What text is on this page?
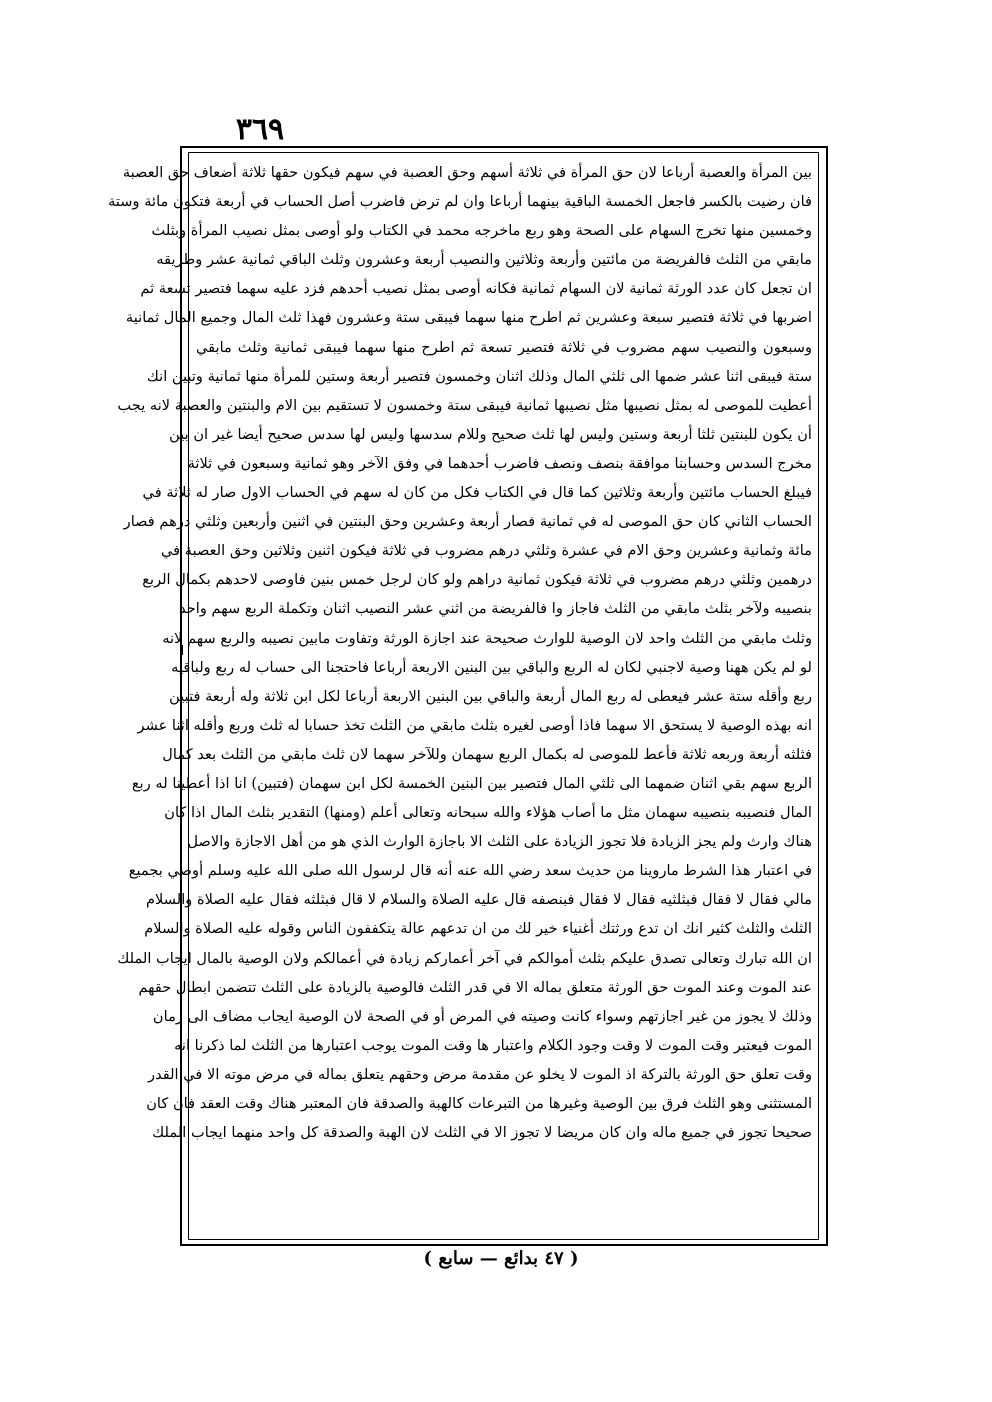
٣٦٩
بين المرأة والعصبة أرباعا لان حق المرأة في ثلاثة أسهم وحق العصبة في سهم فيكون حقها ثلاثة أضعاف حق العصبة
فان رضيت بالكسر فاجعل الخمسة الباقية بينهما أرباعا وان لم ترض فاضرب أصل الحساب في أربعة فتكون مائة وستة
وخمسين منها تخرج السهام على الصحة وهو ربع ماخرجه محمد في الكتاب ولو أوصى بمثل نصيب المرأة وبثلث
مابقي من الثلث فالفريضة من مائتين وأربعة وثلاثين والنصيب أربعة وعشرون وثلث الباقي ثمانية عشر وطريقه
ان تجعل كان عدد الورثة ثمانية لان السهام ثمانية فكانه أوصى بمثل نصيب أحدهم فزد عليه سهما فتصير تسعة ثم
اضربها في ثلاثة فتصير سبعة وعشرين ثم اطرح منها سهما فيبقى ستة وعشرون فهذا ثلث المال وجميع المال ثمانية
وسبعون والنصيب سهم مضروب في ثلاثة فتصير تسعة ثم اطرح منها سهما فيبقى ثمانية وثلث مابقي
ستة فيبقى اثنا عشر ضمها الى ثلثي المال وذلك اثنان وخمسون فتصير أربعة وستين للمرأة منها ثمانية وتبين انك
أعطيت للموصى له بمثل نصيبها مثل نصيبها ثمانية فيبقى ستة وخمسون لا تستقيم بين الام والبنتين والعصبة لانه يجب
أن يكون للبنتين ثلثا أربعة وستين وليس لها ثلث صحيح وللام سدسها وليس لها سدس صحيح أيضا غير ان بين
مخرج السدس وحسابنا موافقة بنصف ونصف فاضرب أحدهما في وفق الآخر وهو ثمانية وسبعون في ثلاثة
فيبلغ الحساب مائتين وأربعة وثلاثين كما قال في الكتاب فكل من كان له سهم في الحساب الاول صار له ثلاثة في
الحساب الثاني كان حق الموصى له في ثمانية فصار أربعة وعشرين وحق البنتين في اثنين وأربعين وثلثي درهم فصار
مائة وثمانية وعشرين وحق الام في عشرة وثلثي درهم مضروب في ثلاثة فيكون اثنين وثلاثين وحق العصبة في
درهمين وثلثي درهم مضروب في ثلاثة فيكون ثمانية دراهم ولو كان لرجل خمس بنين فاوصى لاحدهم بكمال الربع
بنصيبه ولآخر بثلث مابقي من الثلث فاجاز وا فالفريضة من اثني عشر النصيب اثنان وتكملة الربع سهم واحد
وثلث مابقي من الثلث واحد لان الوصية للوارث صحيحة عند اجازة الورثة وتفاوت مابين نصيبه والربع سهم لانه
لو لم يكن ههنا وصية لاجنبي لكان له الربع والباقي بين البنين الاربعة أرباعا فاحتجنا الى حساب له ربع ولباقيه
ربع وأقله ستة عشر فيعطى له ربع المال أربعة والباقي بين البنين الاربعة أرباعا لكل ابن ثلاثة وله أربعة فتبين
انه بهذه الوصية لا يستحق الا سهما فاذا أوصى لغيره بثلث مابقي من الثلث تخذ حسابا له ثلث وربع وأقله اثنا عشر
فثلثه أربعة وربعه ثلاثة فأعط للموصى له بكمال الربع سهمان وللآخر سهما لان ثلث مابقي من الثلث بعد كمال
الربع سهم بقي اثنان ضمهما الى ثلثي المال فتصير بين البنين الخمسة لكل ابن سهمان (فتبين) انا اذا أعطينا له ربع
المال فنصيبه بنصيبه سهمان مثل ما أصاب هؤلاء والله سبحانه وتعالى أعلم (ومنها) التقدير بثلث المال اذا كان
هناك وارث ولم يجز الزيادة فلا تجوز الزيادة على الثلث الا باجازة الوارث الذي هو من أهل الاجازة والاصل
في اعتبار هذا الشرط ماروينا من حديث سعد رضي الله عنه أنه قال لرسول الله صلى الله عليه وسلم أوصي بجميع
مالي فقال لا فقال فبثلثيه فقال لا فقال فبنصفه قال عليه الصلاة والسلام لا قال فبثلثه فقال عليه الصلاة والسلام
الثلث والثلث كثير انك ان تدع ورثتك أغنياء خير لك من ان تدعهم عالة يتكففون الناس وقوله عليه الصلاة والسلام
ان الله تبارك وتعالى تصدق عليكم بثلث أموالكم في آخر أعماركم زيادة في أعمالكم ولان الوصية بالمال ايجاب الملك
عند الموت وعند الموت حق الورثة متعلق بماله الا في قدر الثلث فالوصية بالزيادة على الثلث تتضمن ابطال حقهم
وذلك لا يجوز من غير اجازتهم وسواء كانت وصيته في المرض أو في الصحة لان الوصية ايجاب مضاف الى زمان
الموت فيعتبر وقت الموت لا وقت وجود الكلام واعتبار ها وقت الموت يوجب اعتبارها من الثلث لما ذكرنا انه
وقت تعلق حق الورثة بالتركة اذ الموت لا يخلو عن مقدمة مرض وحقهم يتعلق بماله في مرض موته الا في القدر
المستثنى وهو الثلث فرق بين الوصية وغيرها من التبرعات كالهبة والصدقة فان المعتبر هناك وقت العقد فان كان
صحيحا تجوز في جميع ماله وان كان مريضا لا تجوز الا في الثلث لان الهبة والصدقة كل واحد منهما ايجاب الملك
( ٤٧ بدائع — سابع )
